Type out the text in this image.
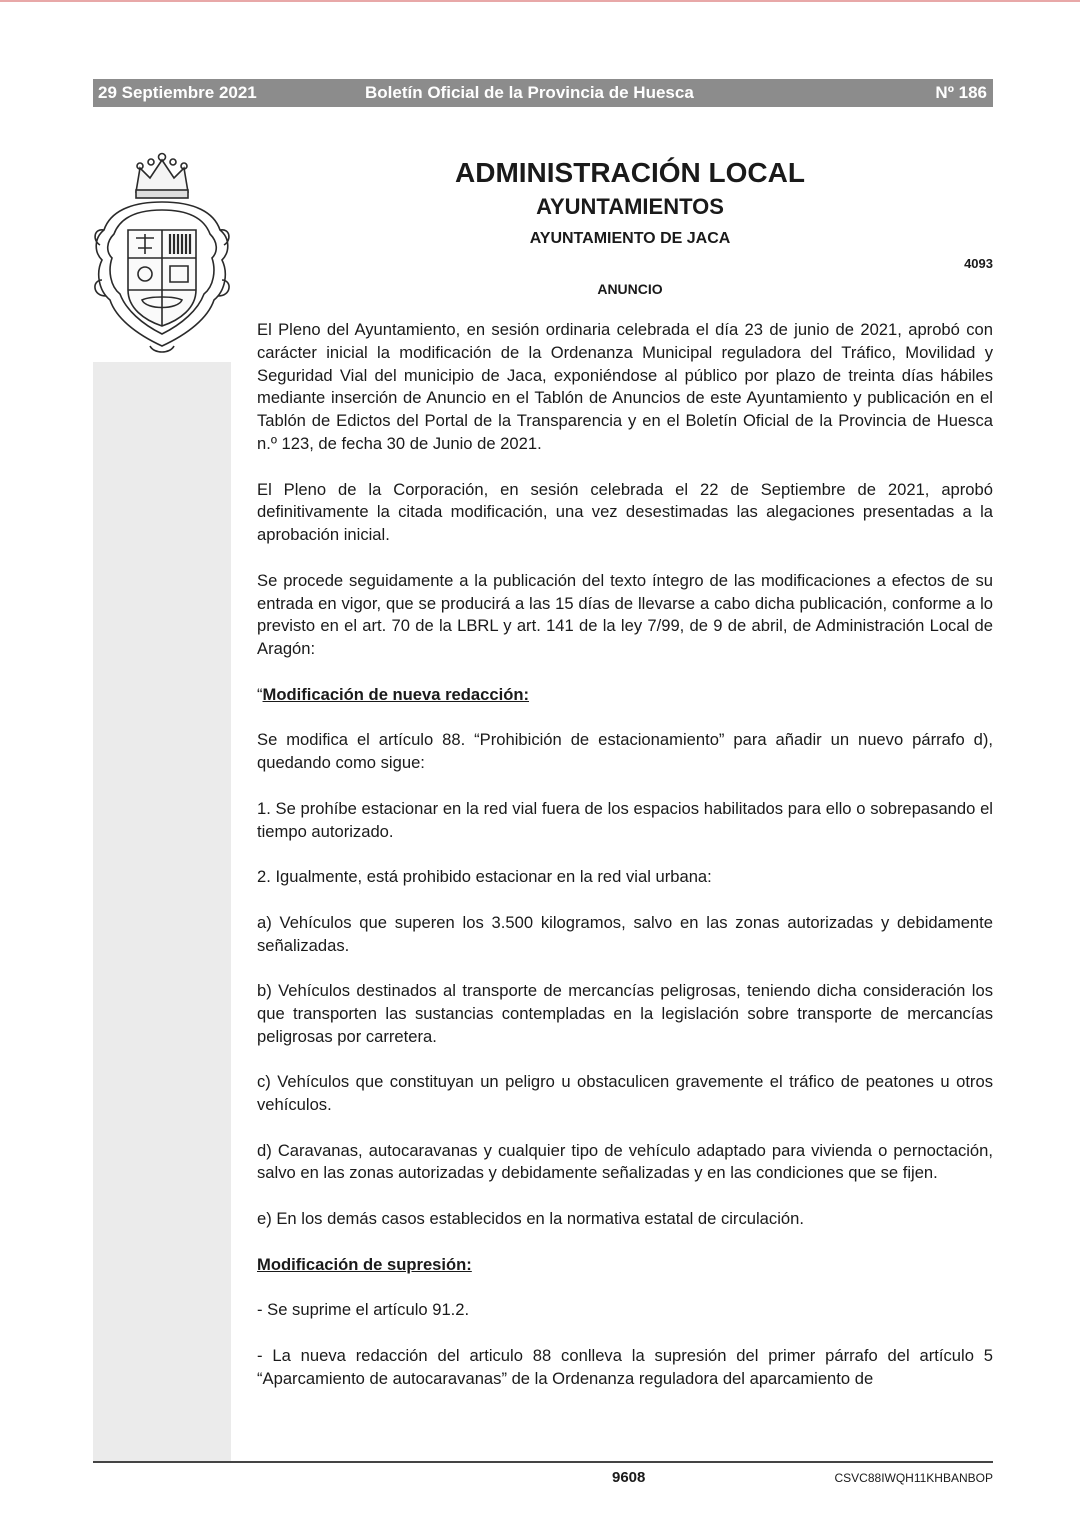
29 Septiembre 2021	Boletín Oficial de la Provincia de Huesca	Nº 186
ADMINISTRACIÓN LOCAL
AYUNTAMIENTOS
AYUNTAMIENTO DE JACA
4093
ANUNCIO

El Pleno del Ayuntamiento, en sesión ordinaria celebrada el día 23 de junio de 2021, aprobó con carácter inicial la modificación de la Ordenanza Municipal reguladora del Tráfico, Movilidad y Seguridad Vial del municipio de Jaca, exponiéndose al público por plazo de treinta días hábiles mediante inserción de Anuncio en el Tablón de Anuncios de este Ayuntamiento y publicación en el Tablón de Edictos del Portal de la Transparencia y en el Boletín Oficial de la Provincia de Huesca n.º 123, de fecha 30 de Junio de 2021.

El Pleno de la Corporación, en sesión celebrada el 22 de Septiembre de 2021, aprobó definitivamente la citada modificación, una vez desestimadas las alegaciones presentadas a la aprobación inicial.

Se procede seguidamente a la publicación del texto íntegro de las modificaciones a efectos de su entrada en vigor, que se producirá a las 15 días de llevarse a cabo dicha publicación, conforme a lo previsto en el art. 70 de la LBRL y art. 141 de la ley 7/99, de 9 de abril, de Administración Local de Aragón:

“Modificación de nueva redacción:

Se modifica el artículo 88. “Prohibición de estacionamiento” para añadir un nuevo párrafo d), quedando como sigue:

1. Se prohíbe estacionar en la red vial fuera de los espacios habilitados para ello o sobrepasando el tiempo autorizado.

2. Igualmente, está prohibido estacionar en la red vial urbana:

a) Vehículos que superen los 3.500 kilogramos, salvo en las zonas autorizadas y debidamente señalizadas.

b) Vehículos destinados al transporte de mercancías peligrosas, teniendo dicha consideración los que transporten las sustancias contempladas en la legislación sobre transporte de mercancías peligrosas por carretera.

c) Vehículos que constituyan un peligro u obstaculicen gravemente el tráfico de peatones u otros vehículos.

d) Caravanas, autocaravanas y cualquier tipo de vehículo adaptado para vivienda o pernoctación, salvo en las zonas autorizadas y debidamente señalizadas y en las condiciones que se fijen.

e) En los demás casos establecidos en la normativa estatal de circulación.

Modificación de supresión:

- Se suprime el artículo 91.2.

- La nueva redacción del articulo 88 conlleva la supresión del primer párrafo del artículo 5 “Aparcamiento de autocaravanas” de la Ordenanza reguladora del aparcamiento de

9608	CSVC88IWQH11KHBANBOP
